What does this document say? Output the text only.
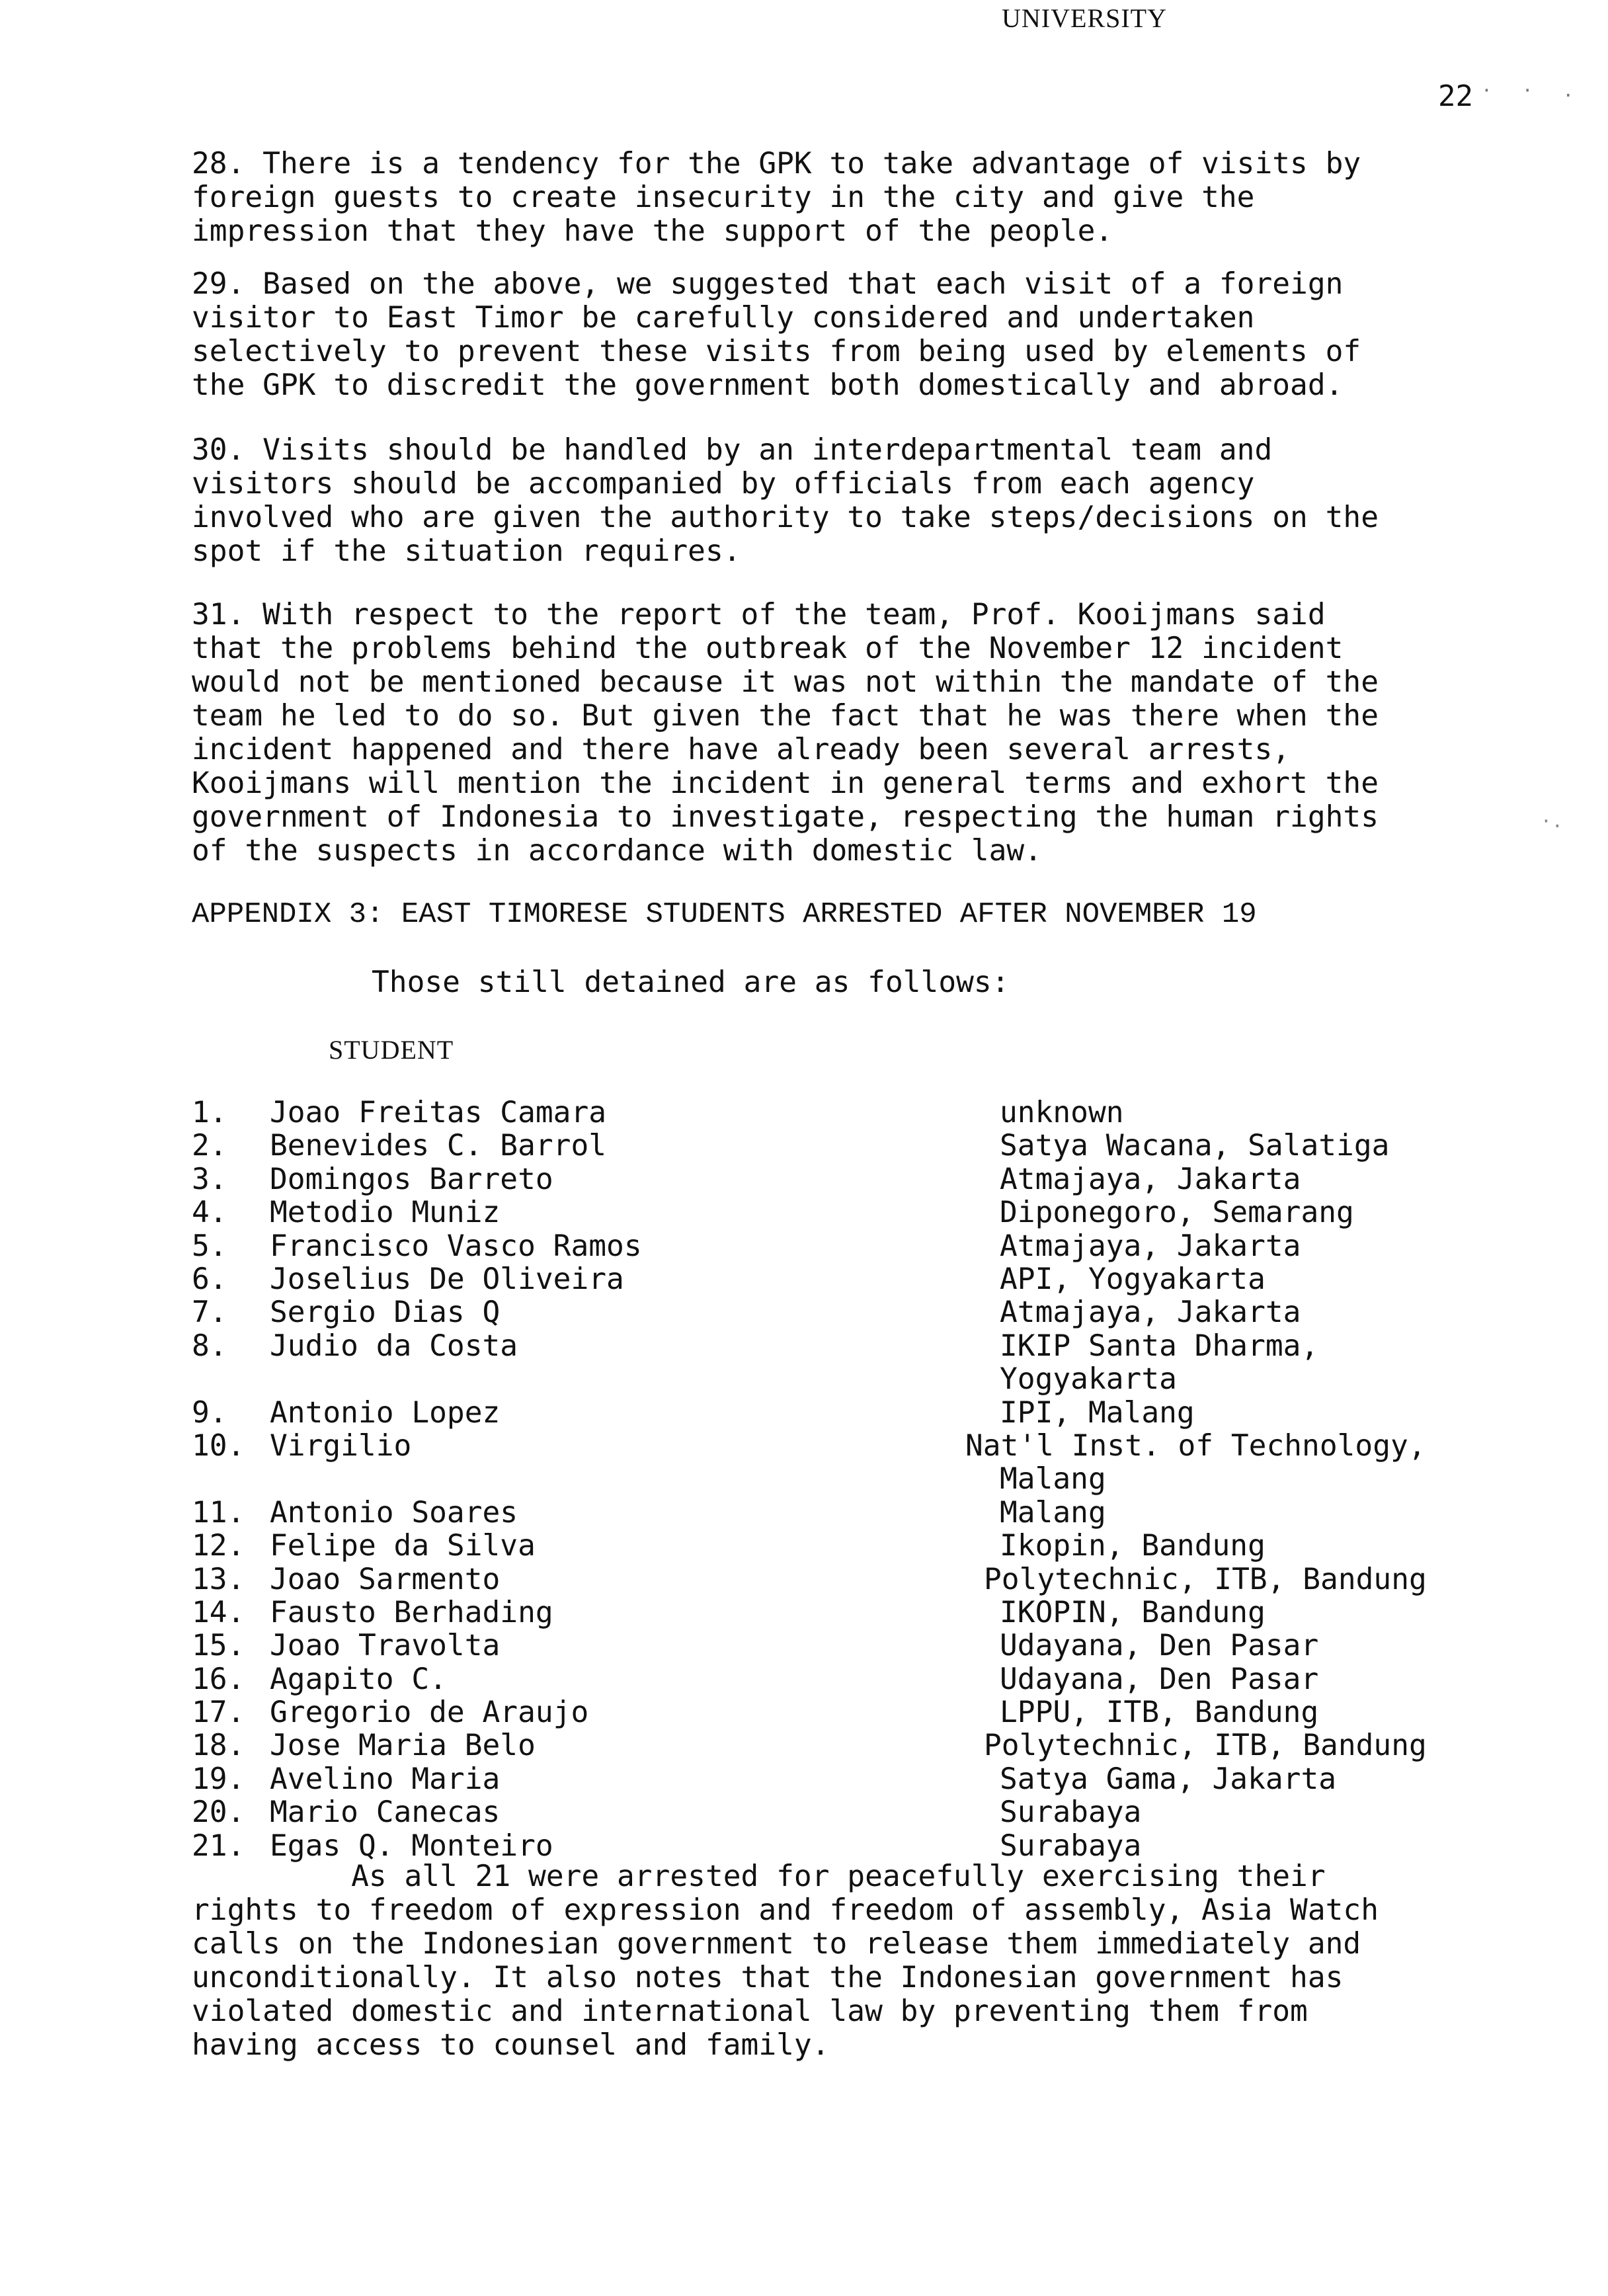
22 · · .
·.

28. There is a tendency for the GPK to take advantage of visits by
foreign guests to create insecurity in the city and give the
impression that they have the support of the people.

29. Based on the above, we suggested that each visit of a foreign
visitor to East Timor be carefully considered and undertaken
selectively to prevent these visits from being used by elements of
the GPK to discredit the government both domestically and abroad.

30. Visits should be handled by an interdepartmental team and
visitors should be accompanied by officials from each agency
involved who are given the authority to take steps/decisions on the
spot if the situation requires.

31. With respect to the report of the team, Prof. Kooijmans said
that the problems behind the outbreak of the November 12 incident
would not be mentioned because it was not within the mandate of the
team he led to do so. But given the fact that he was there when the
incident happened and there have already been several arrests,
Kooijmans will mention the incident in general terms and exhort the
government of Indonesia to investigate, respecting the human rights
of the suspects in accordance with domestic law.

APPENDIX 3: EAST TIMORESE STUDENTS ARRESTED AFTER NOVEMBER 19
Those still detained are as follows:
STUDENT
UNIVERSITY
1. Joao Freitas Camara	unknown
2. Benevides C. Barrol	Satya Wacana, Salatiga
3. Domingos Barreto	Atmajaya, Jakarta
4. Metodio Muniz	Diponegoro, Semarang
5. Francisco Vasco Ramos	Atmajaya, Jakarta
6. Joselius De Oliveira	API, Yogyakarta
7. Sergio Dias Q	Atmajaya, Jakarta
8. Judio da Costa	IKIP Santa Dharma,
Yogyakarta
9. Antonio Lopez	IPI, Malang
10. Virgilio	Nat'l Inst. of Technology,
Malang
11. Antonio Soares	Malang
12. Felipe da Silva	Ikopin, Bandung
13. Joao Sarmento	Polytechnic, ITB, Bandung
14. Fausto Berhading	IKOPIN, Bandung
15. Joao Travolta	Udayana, Den Pasar
16. Agapito C.	Udayana, Den Pasar
17. Gregorio de Araujo	LPPU, ITB, Bandung
18. Jose Maria Belo	Polytechnic, ITB, Bandung
19. Avelino Maria	Satya Gama, Jakarta
20. Mario Canecas	Surabaya
21. Egas Q. Monteiro	Surabaya

As all 21 were arrested for peacefully exercising their
rights to freedom of expression and freedom of assembly, Asia Watch
calls on the Indonesian government to release them immediately and
unconditionally. It also notes that the Indonesian government has
violated domestic and international law by preventing them from
having access to counsel and family.
